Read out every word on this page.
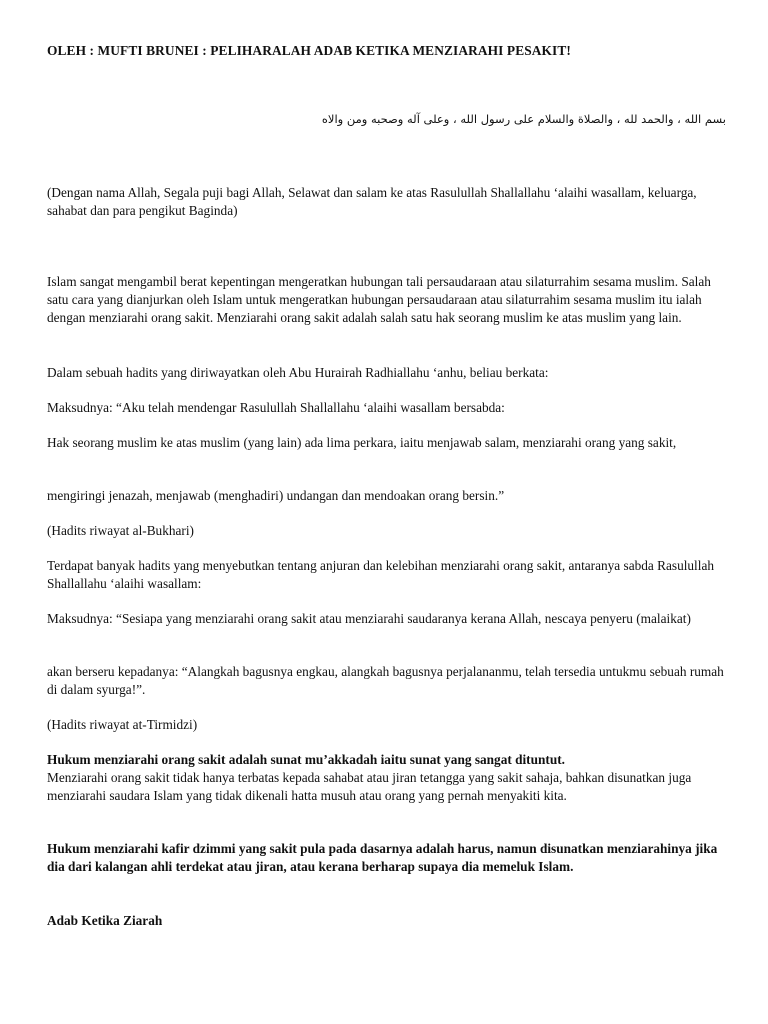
OLEH : MUFTI BRUNEI : PELIHARALAH ADAB KETIKA MENZIARAHI PESAKIT!
بسم الله ، والحمد لله ، والصلاة والسلام على رسول الله ، وعلى آله وصحبه ومن والاه

(Dengan nama Allah, Segala puji bagi Allah, Selawat dan salam ke atas Rasulullah Shallallahu ‘alaihi wasallam, keluarga, sahabat dan para pengikut Baginda)

Islam sangat mengambil berat kepentingan mengeratkan hubungan tali persaudaraan atau silaturrahim sesama muslim. Salah satu cara yang dianjurkan oleh Islam untuk mengeratkan hubungan persaudaraan atau silaturrahim sesama muslim itu ialah dengan menziarahi orang sakit. Menziarahi orang sakit adalah salah satu hak seorang muslim ke atas muslim yang lain.

Dalam sebuah hadits yang diriwayatkan oleh Abu Hurairah Radhiallahu ‘anhu, beliau berkata:

Maksudnya: “Aku telah mendengar Rasulullah Shallallahu ‘alaihi wasallam bersabda:

Hak seorang muslim ke atas muslim (yang lain) ada lima perkara, iaitu menjawab salam, menziarahi orang yang sakit,

mengiringi jenazah, menjawab (menghadiri) undangan dan mendoakan orang bersin.”

(Hadits riwayat al-Bukhari)

Terdapat banyak hadits yang menyebutkan tentang anjuran dan kelebihan menziarahi orang sakit, antaranya sabda Rasulullah Shallallahu ‘alaihi wasallam:

Maksudnya: “Sesiapa yang menziarahi orang sakit atau menziarahi saudaranya kerana Allah, nescaya penyeru (malaikat)

akan berseru kepadanya: “Alangkah bagusnya engkau, alangkah bagusnya perjalananmu, telah tersedia untukmu sebuah rumah di dalam syurga!”.

(Hadits riwayat at-Tirmidzi)

Hukum menziarahi orang sakit adalah sunat mu’akkadah iaitu sunat yang sangat dituntut.
Menziarahi orang sakit tidak hanya terbatas kepada sahabat atau jiran tetangga yang sakit sahaja, bahkan disunatkan juga menziarahi saudara Islam yang tidak dikenali hatta musuh atau orang yang pernah menyakiti kita.

Hukum menziarahi kafir dzimmi yang sakit pula pada dasarnya adalah harus, namun disunatkan menziarahinya jika dia dari kalangan ahli terdekat atau jiran, atau kerana berharap supaya dia memeluk Islam.

Adab Ketika Ziarah
